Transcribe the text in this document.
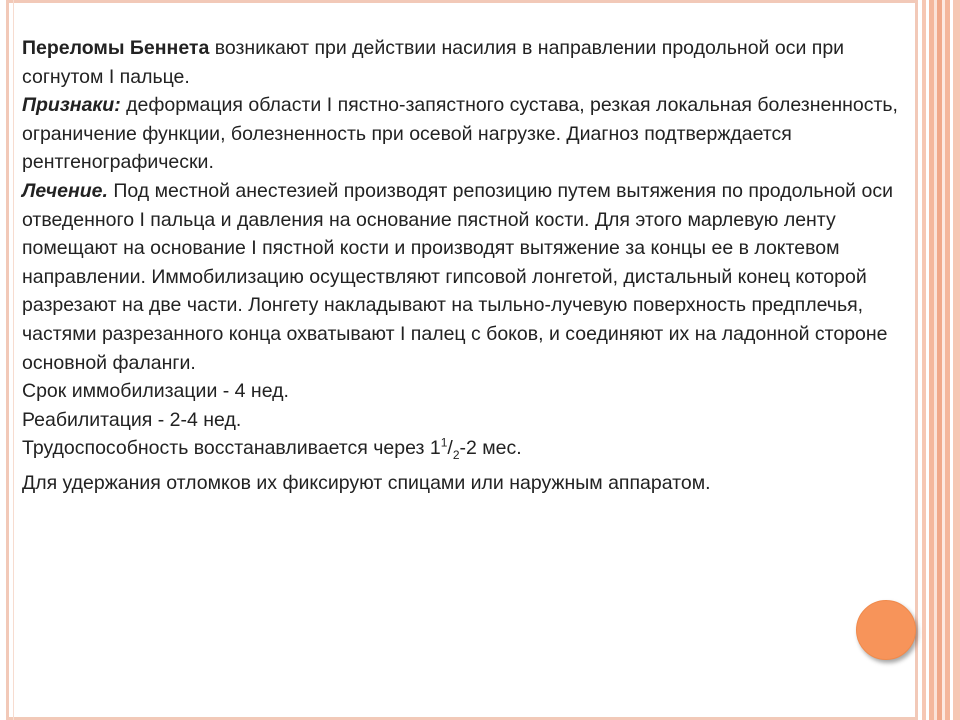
Переломы Беннета возникают при действии насилия в направлении продольной оси при согнутом I пальце.

Признаки: деформация области I пястно-запястного сустава, резкая локальная болезненность, ограничение функции, болезненность при осевой нагрузке. Диагноз подтверждается рентгенографически.

Лечение. Под местной анестезией производят репозицию путем вытяжения по продольной оси отведенного I пальца и давления на основание пястной кости. Для этого марлевую ленту помещают на основание I пястной кости и производят вытяжение за концы ее в локтевом направлении. Иммобилизацию осуществляют гипсовой лонгетой, дистальный конец которой разрезают на две части. Лонгету накладывают на тыльно-лучевую поверхность предплечья, частями разрезанного конца охватывают I палец с боков, и соединяют их на ладонной стороне основной фаланги.

Срок иммобилизации - 4 нед.

Реабилитация - 2-4 нед.

Трудоспособность восстанавливается через $1^1/_2-2$ мес.

Для удержания отломков их фиксируют спицами или наружным аппаратом.
